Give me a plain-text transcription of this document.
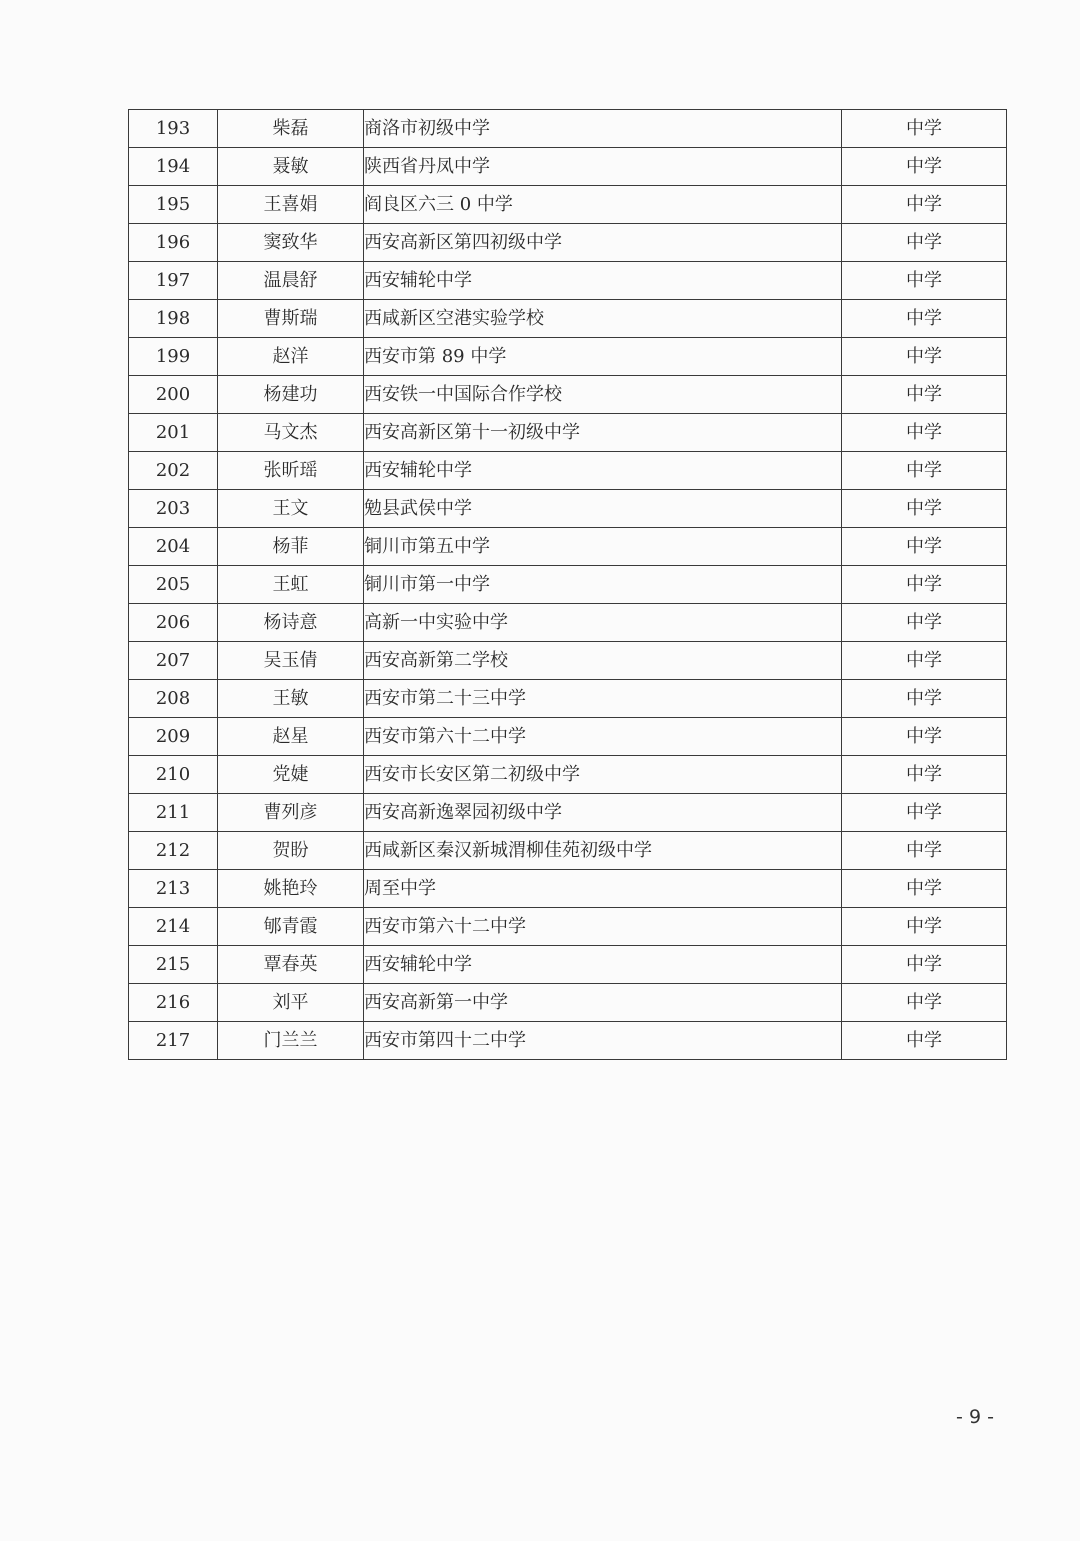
193	柴磊	商洛市初级中学	中学
194	聂敏	陕西省丹凤中学	中学
195	王喜娟	阎良区六三 0 中学	中学
196	窦致华	西安高新区第四初级中学	中学
197	温晨舒	西安辅轮中学	中学
198	曹斯瑞	西咸新区空港实验学校	中学
199	赵洋	西安市第 89 中学	中学
200	杨建功	西安铁一中国际合作学校	中学
201	马文杰	西安高新区第十一初级中学	中学
202	张昕瑶	西安辅轮中学	中学
203	王文	勉县武侯中学	中学
204	杨菲	铜川市第五中学	中学
205	王虹	铜川市第一中学	中学
206	杨诗意	高新一中实验中学	中学
207	吴玉倩	西安高新第二学校	中学
208	王敏	西安市第二十三中学	中学
209	赵星	西安市第六十二中学	中学
210	党婕	西安市长安区第二初级中学	中学
211	曹列彦	西安高新逸翠园初级中学	中学
212	贺盼	西咸新区秦汉新城渭柳佳苑初级中学	中学
213	姚艳玲	周至中学	中学
214	郇青霞	西安市第六十二中学	中学
215	覃春英	西安辅轮中学	中学
216	刘平	西安高新第一中学	中学
217	门兰兰	西安市第四十二中学	中学
- 9 -
